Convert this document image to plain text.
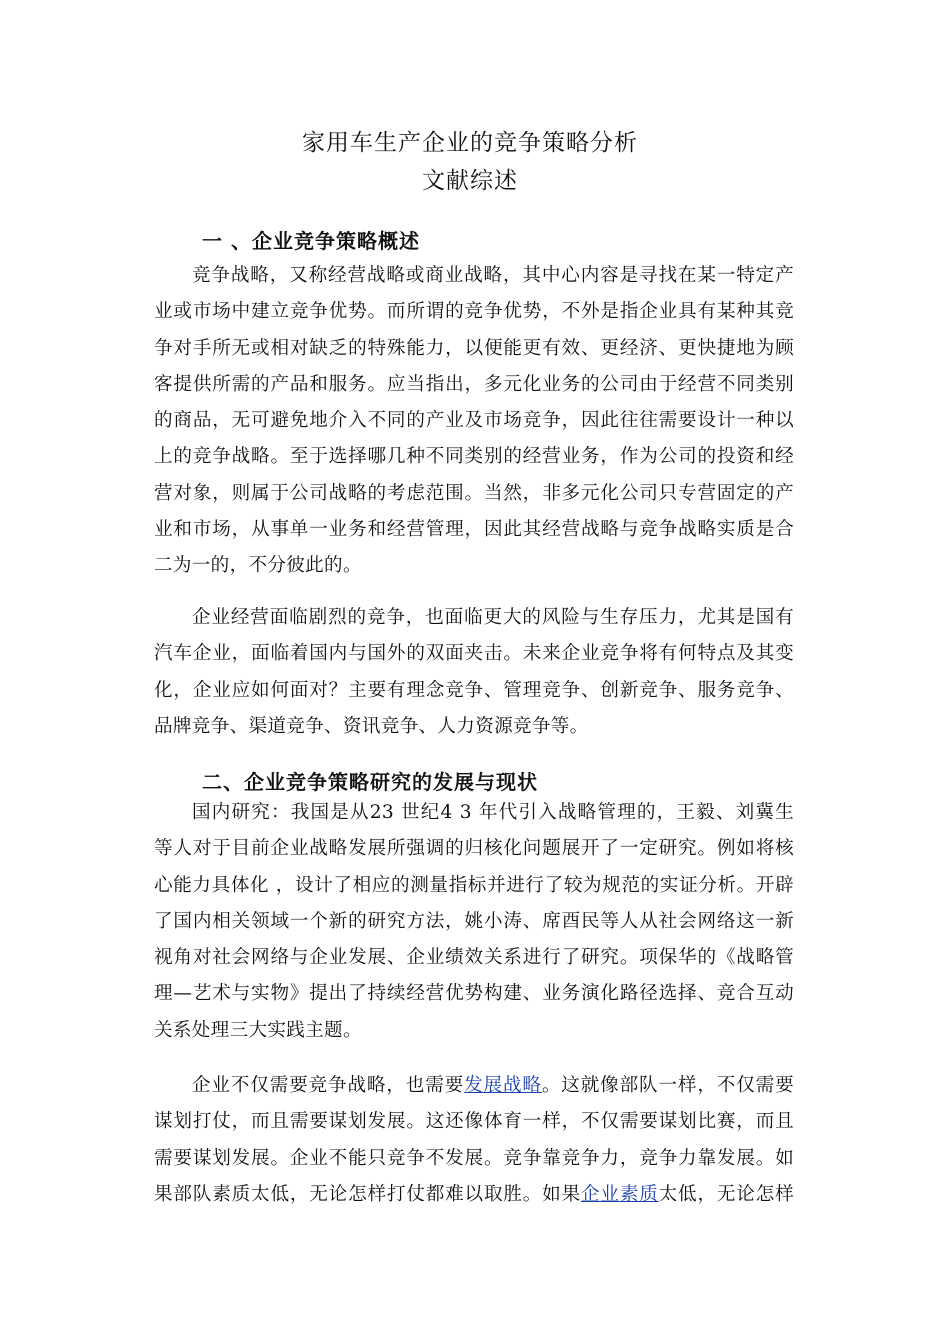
家用车生产企业的竞争策略分析
文献综述
一 、企业竞争策略概述
竞争战略，又称经营战略或商业战略，其中心内容是寻找在某一特定产
业或市场中建立竞争优势。而所谓的竞争优势，不外是指企业具有某种其竞
争对手所无或相对缺乏的特殊能力，以便能更有效、更经济、更快捷地为顾
客提供所需的产品和服务。应当指出，多元化业务的公司由于经营不同类别
的商品，无可避免地介入不同的产业及市场竞争，因此往往需要设计一种以
上的竞争战略。至于选择哪几种不同类别的经营业务，作为公司的投资和经
营对象，则属于公司战略的考虑范围。当然，非多元化公司只专营固定的产
业和市场，从事单一业务和经营管理，因此其经营战略与竞争战略实质是合
二为一的，不分彼此的。
企业经营面临剧烈的竞争，也面临更大的风险与生存压力，尤其是国有
汽车企业，面临着国内与国外的双面夹击。未来企业竞争将有何特点及其变
化，企业应如何面对？主要有理念竞争、管理竞争、创新竞争、服务竞争、
品牌竞争、渠道竞争、资讯竞争、人力资源竞争等。
二、企业竞争策略研究的发展与现状
国内研究：我国是从23 世纪4 3 年代引入战略管理的，王毅、刘冀生
等人对于目前企业战略发展所强调的归核化问题展开了一定研究。例如将核
心能力具体化 ，设计了相应的测量指标并进行了较为规范的实证分析。开辟
了国内相关领域一个新的研究方法，姚小涛、席酉民等人从社会网络这一新
视角对社会网络与企业发展、企业绩效关系进行了研究。项保华的《战略管
理—艺术与实物》提出了持续经营优势构建、业务演化路径选择、竞合互动
关系处理三大实践主题。
企业不仅需要竞争战略，也需要发展战略。这就像部队一样，不仅需要
谋划打仗，而且需要谋划发展。这还像体育一样，不仅需要谋划比赛，而且
需要谋划发展。企业不能只竞争不发展。竞争靠竞争力，竞争力靠发展。如
果部队素质太低，无论怎样打仗都难以取胜。如果企业素质太低，无论怎样
